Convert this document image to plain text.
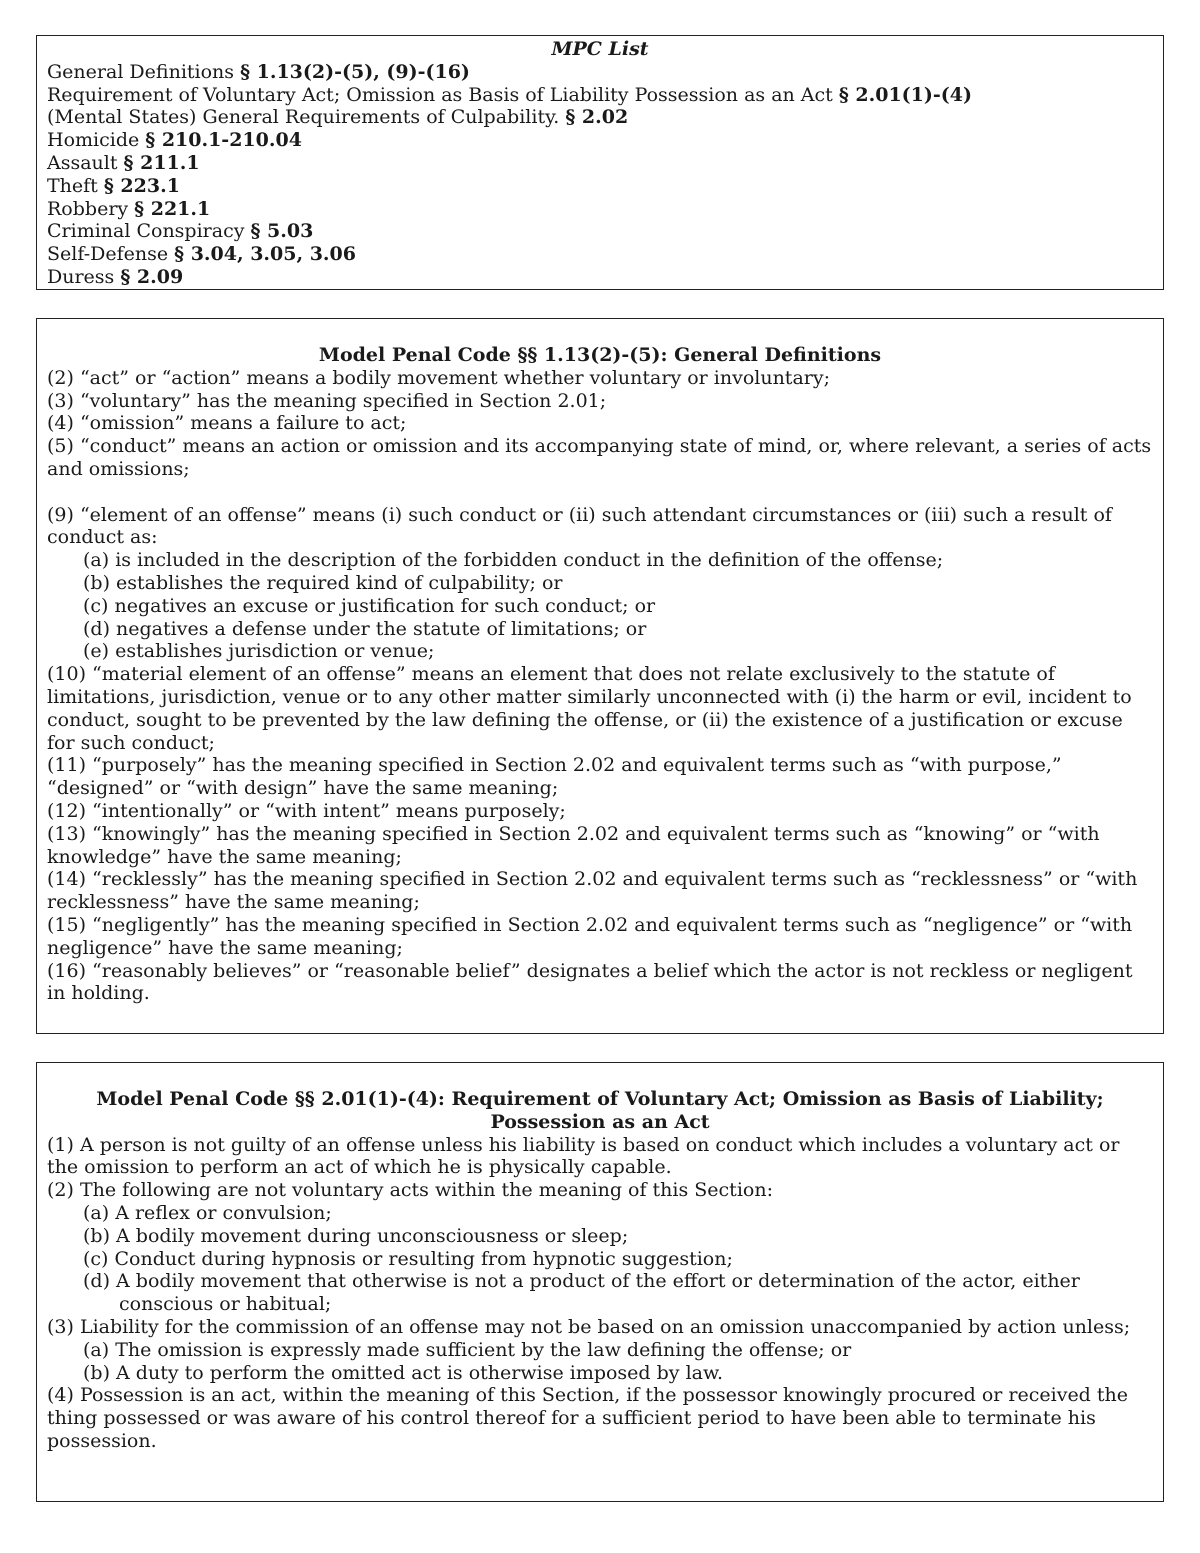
MPC List
General Definitions § 1.13(2)-(5), (9)-(16)
Requirement of Voluntary Act; Omission as Basis of Liability Possession as an Act § 2.01(1)-(4)
(Mental States) General Requirements of Culpability. § 2.02
Homicide § 210.1-210.04
Assault § 211.1
Theft § 223.1
Robbery § 221.1
Criminal Conspiracy § 5.03
Self-Defense § 3.04, 3.05, 3.06
Duress § 2.09
Model Penal Code §§ 1.13(2)-(5): General Definitions

(2) “act” or “action” means a bodily movement whether voluntary or involuntary;

(3) “voluntary” has the meaning specified in Section 2.01;

(4) “omission” means a failure to act;

(5) “conduct” means an action or omission and its accompanying state of mind, or, where relevant, a series of acts and omissions;

(9) “element of an offense” means (i) such conduct or (ii) such attendant circumstances or (iii) such a result of conduct as:

(a) is included in the description of the forbidden conduct in the definition of the offense;

(b) establishes the required kind of culpability; or

(c) negatives an excuse or justification for such conduct; or

(d) negatives a defense under the statute of limitations; or

(e) establishes jurisdiction or venue;

(10) “material element of an offense” means an element that does not relate exclusively to the statute of limitations, jurisdiction, venue or to any other matter similarly unconnected with (i) the harm or evil, incident to conduct, sought to be prevented by the law defining the offense, or (ii) the existence of a justification or excuse for such conduct;

(11) “purposely” has the meaning specified in Section 2.02 and equivalent terms such as “with purpose,” “designed” or “with design” have the same meaning;

(12) “intentionally” or “with intent” means purposely;

(13) “knowingly” has the meaning specified in Section 2.02 and equivalent terms such as “knowing” or “with knowledge” have the same meaning;

(14) “recklessly” has the meaning specified in Section 2.02 and equivalent terms such as “recklessness” or “with recklessness” have the same meaning;

(15) “negligently” has the meaning specified in Section 2.02 and equivalent terms such as “negligence” or “with negligence” have the same meaning;

(16) “reasonably believes” or “reasonable belief” designates a belief which the actor is not reckless or negligent in holding.

Model Penal Code §§ 2.01(1)-(4): Requirement of Voluntary Act; Omission as Basis of Liability; Possession as an Act

(1) A person is not guilty of an offense unless his liability is based on conduct which includes a voluntary act or the omission to perform an act of which he is physically capable.

(2) The following are not voluntary acts within the meaning of this Section:

(a) A reflex or convulsion;

(b) A bodily movement during unconsciousness or sleep;

(c) Conduct during hypnosis or resulting from hypnotic suggestion;

(d) A bodily movement that otherwise is not a product of the effort or determination of the actor, either conscious or habitual;

(3) Liability for the commission of an offense may not be based on an omission unaccompanied by action unless;

(a) The omission is expressly made sufficient by the law defining the offense; or

(b) A duty to perform the omitted act is otherwise imposed by law.

(4) Possession is an act, within the meaning of this Section, if the possessor knowingly procured or received the thing possessed or was aware of his control thereof for a sufficient period to have been able to terminate his possession.
